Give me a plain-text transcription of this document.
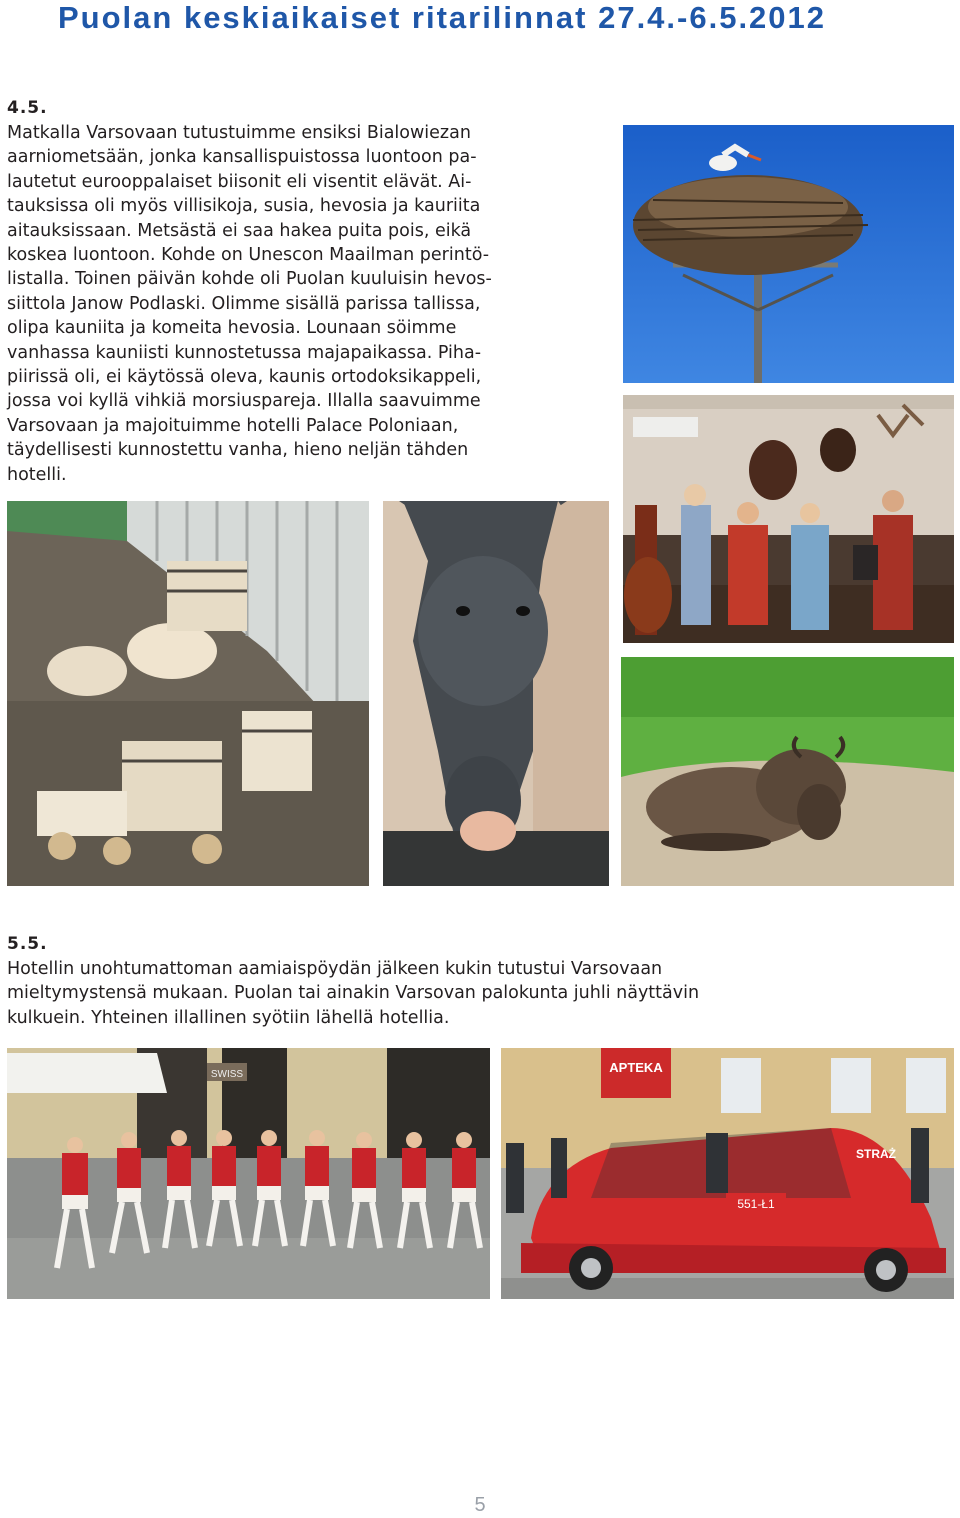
Puolan keskiaikaiset ritarilinnat 27.4.-6.5.2012
4.5.
Matkalla Varsovaan tutustuimme ensiksi Bialowiezan
aarniometsään, jonka kansallispuistossa luontoon pa-
lautetut eurooppalaiset biisonit eli visentit elävät. Ai-
tauksissa oli myös villisikoja, susia, hevosia ja kauriita
aitauksissaan. Metsästä ei saa hakea puita pois, eikä
koskea luontoon. Kohde on Unescon Maailman perintö-
listalla. Toinen päivän kohde oli Puolan kuuluisin hevos-
siittola Janow Podlaski. Olimme sisällä parissa tallissa,
olipa kauniita ja komeita hevosia. Lounaan söimme
vanhassa kauniisti kunnostetussa majapaikassa. Piha-
piirissä oli, ei käytössä oleva, kaunis ortodoksikappeli,
jossa voi kyllä vihkiä morsiuspareja. Illalla saavuimme
Varsovaan ja majoituimme hotelli Palace Poloniaan,
täydellisesti kunnostettu vanha, hieno neljän tähden
hotelli.
5.5.
Hotellin unohtumattoman aamiaispöydän jälkeen kukin tutustui Varsovaan
mieltymystensä mukaan. Puolan tai ainakin Varsovan palokunta juhli näyttävin
kulkuein. Yhteinen illallinen syötiin lähellä hotellia.
SWISS	APTEKA
551-Ł1
STRAŻ
5
